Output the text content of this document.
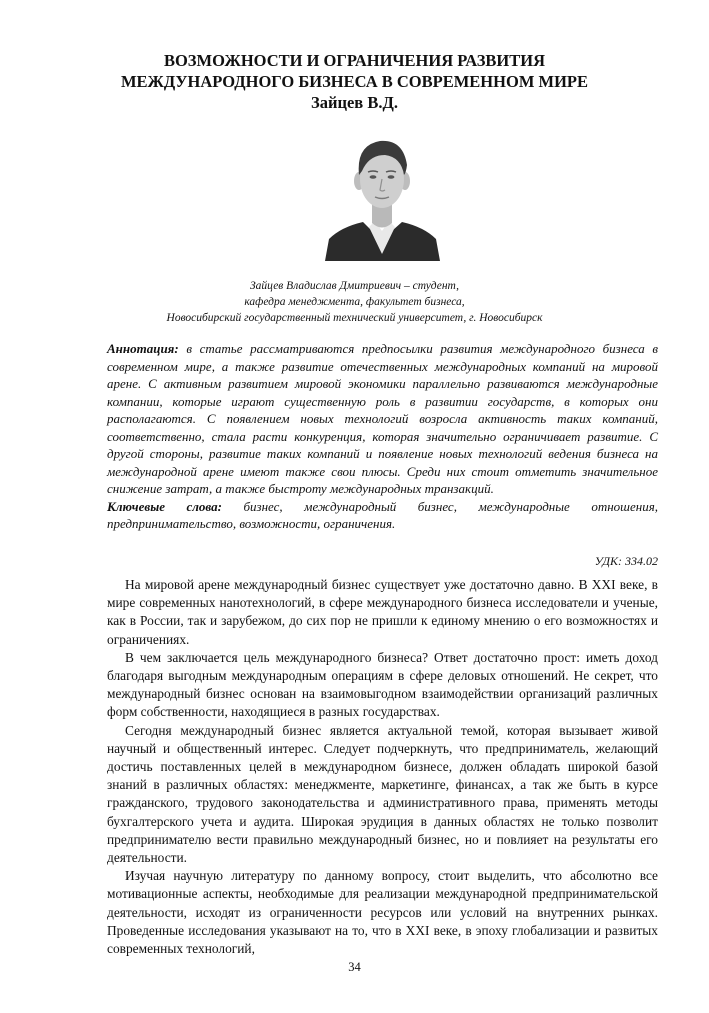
ВОЗМОЖНОСТИ И ОГРАНИЧЕНИЯ РАЗВИТИЯ
МЕЖДУНАРОДНОГО БИЗНЕСА В СОВРЕМЕННОМ МИРЕ
Зайцев В.Д.
Зайцев Владислав Дмитриевич – студент,
кафедра менеджмента, факультет бизнеса,
Новосибирский государственный технический университет, г. Новосибирск

Аннотация: в статье рассматриваются предпосылки развития международного бизнеса в современном мире, а также развитие отечественных международных компаний на мировой арене. С активным развитием мировой экономики параллельно развиваются международные компании, которые играют существенную роль в развитии государств, в которых они располагаются. С появлением новых технологий возросла активность таких компаний, соответственно, стала расти конкуренция, которая значительно ограничивает развитие. С другой стороны, развитие таких компаний и появление новых технологий ведения бизнеса на международной арене имеют также свои плюсы. Среди них стоит отметить значительное снижение затрат, а также быстроту международных транзакций.

Ключевые слова: бизнес, международный бизнес, международные отношения, предпринимательство, возможности, ограничения.

УДК: 334.02

На мировой арене международный бизнес существует уже достаточно давно. В XXI веке, в мире современных нанотехнологий, в сфере международного бизнеса исследователи и ученые, как в России, так и зарубежом, до сих пор не пришли к единому мнению о его возможностях и ограничениях.

В чем заключается цель международного бизнеса? Ответ достаточно прост: иметь доход благодаря выгодным международным операциям в сфере деловых отношений. Не секрет, что международный бизнес основан на взаимовыгодном взаимодействии организаций различных форм собственности, находящиеся в разных государствах.

Сегодня международный бизнес является актуальной темой, которая вызывает живой научный и общественный интерес. Следует подчеркнуть, что предприниматель, желающий достичь поставленных целей в международном бизнесе, должен обладать широкой базой знаний в различных областях: менеджменте, маркетинге, финансах, а так же быть в курсе гражданского, трудового законодательства и административного права, применять методы бухгалтерского учета и аудита. Широкая эрудиция в данных областях не только позволит предпринимателю вести правильно международный бизнес, но и повлияет на результаты его деятельности.

Изучая научную литературу по данному вопросу, стоит выделить, что абсолютно все мотивационные аспекты, необходимые для реализации международной предпринимательской деятельности, исходят из ограниченности ресурсов или условий на внутренних рынках. Проведенные исследования указывают на то, что в XXI веке, в эпоху глобализации и развитых современных технологий,

34
